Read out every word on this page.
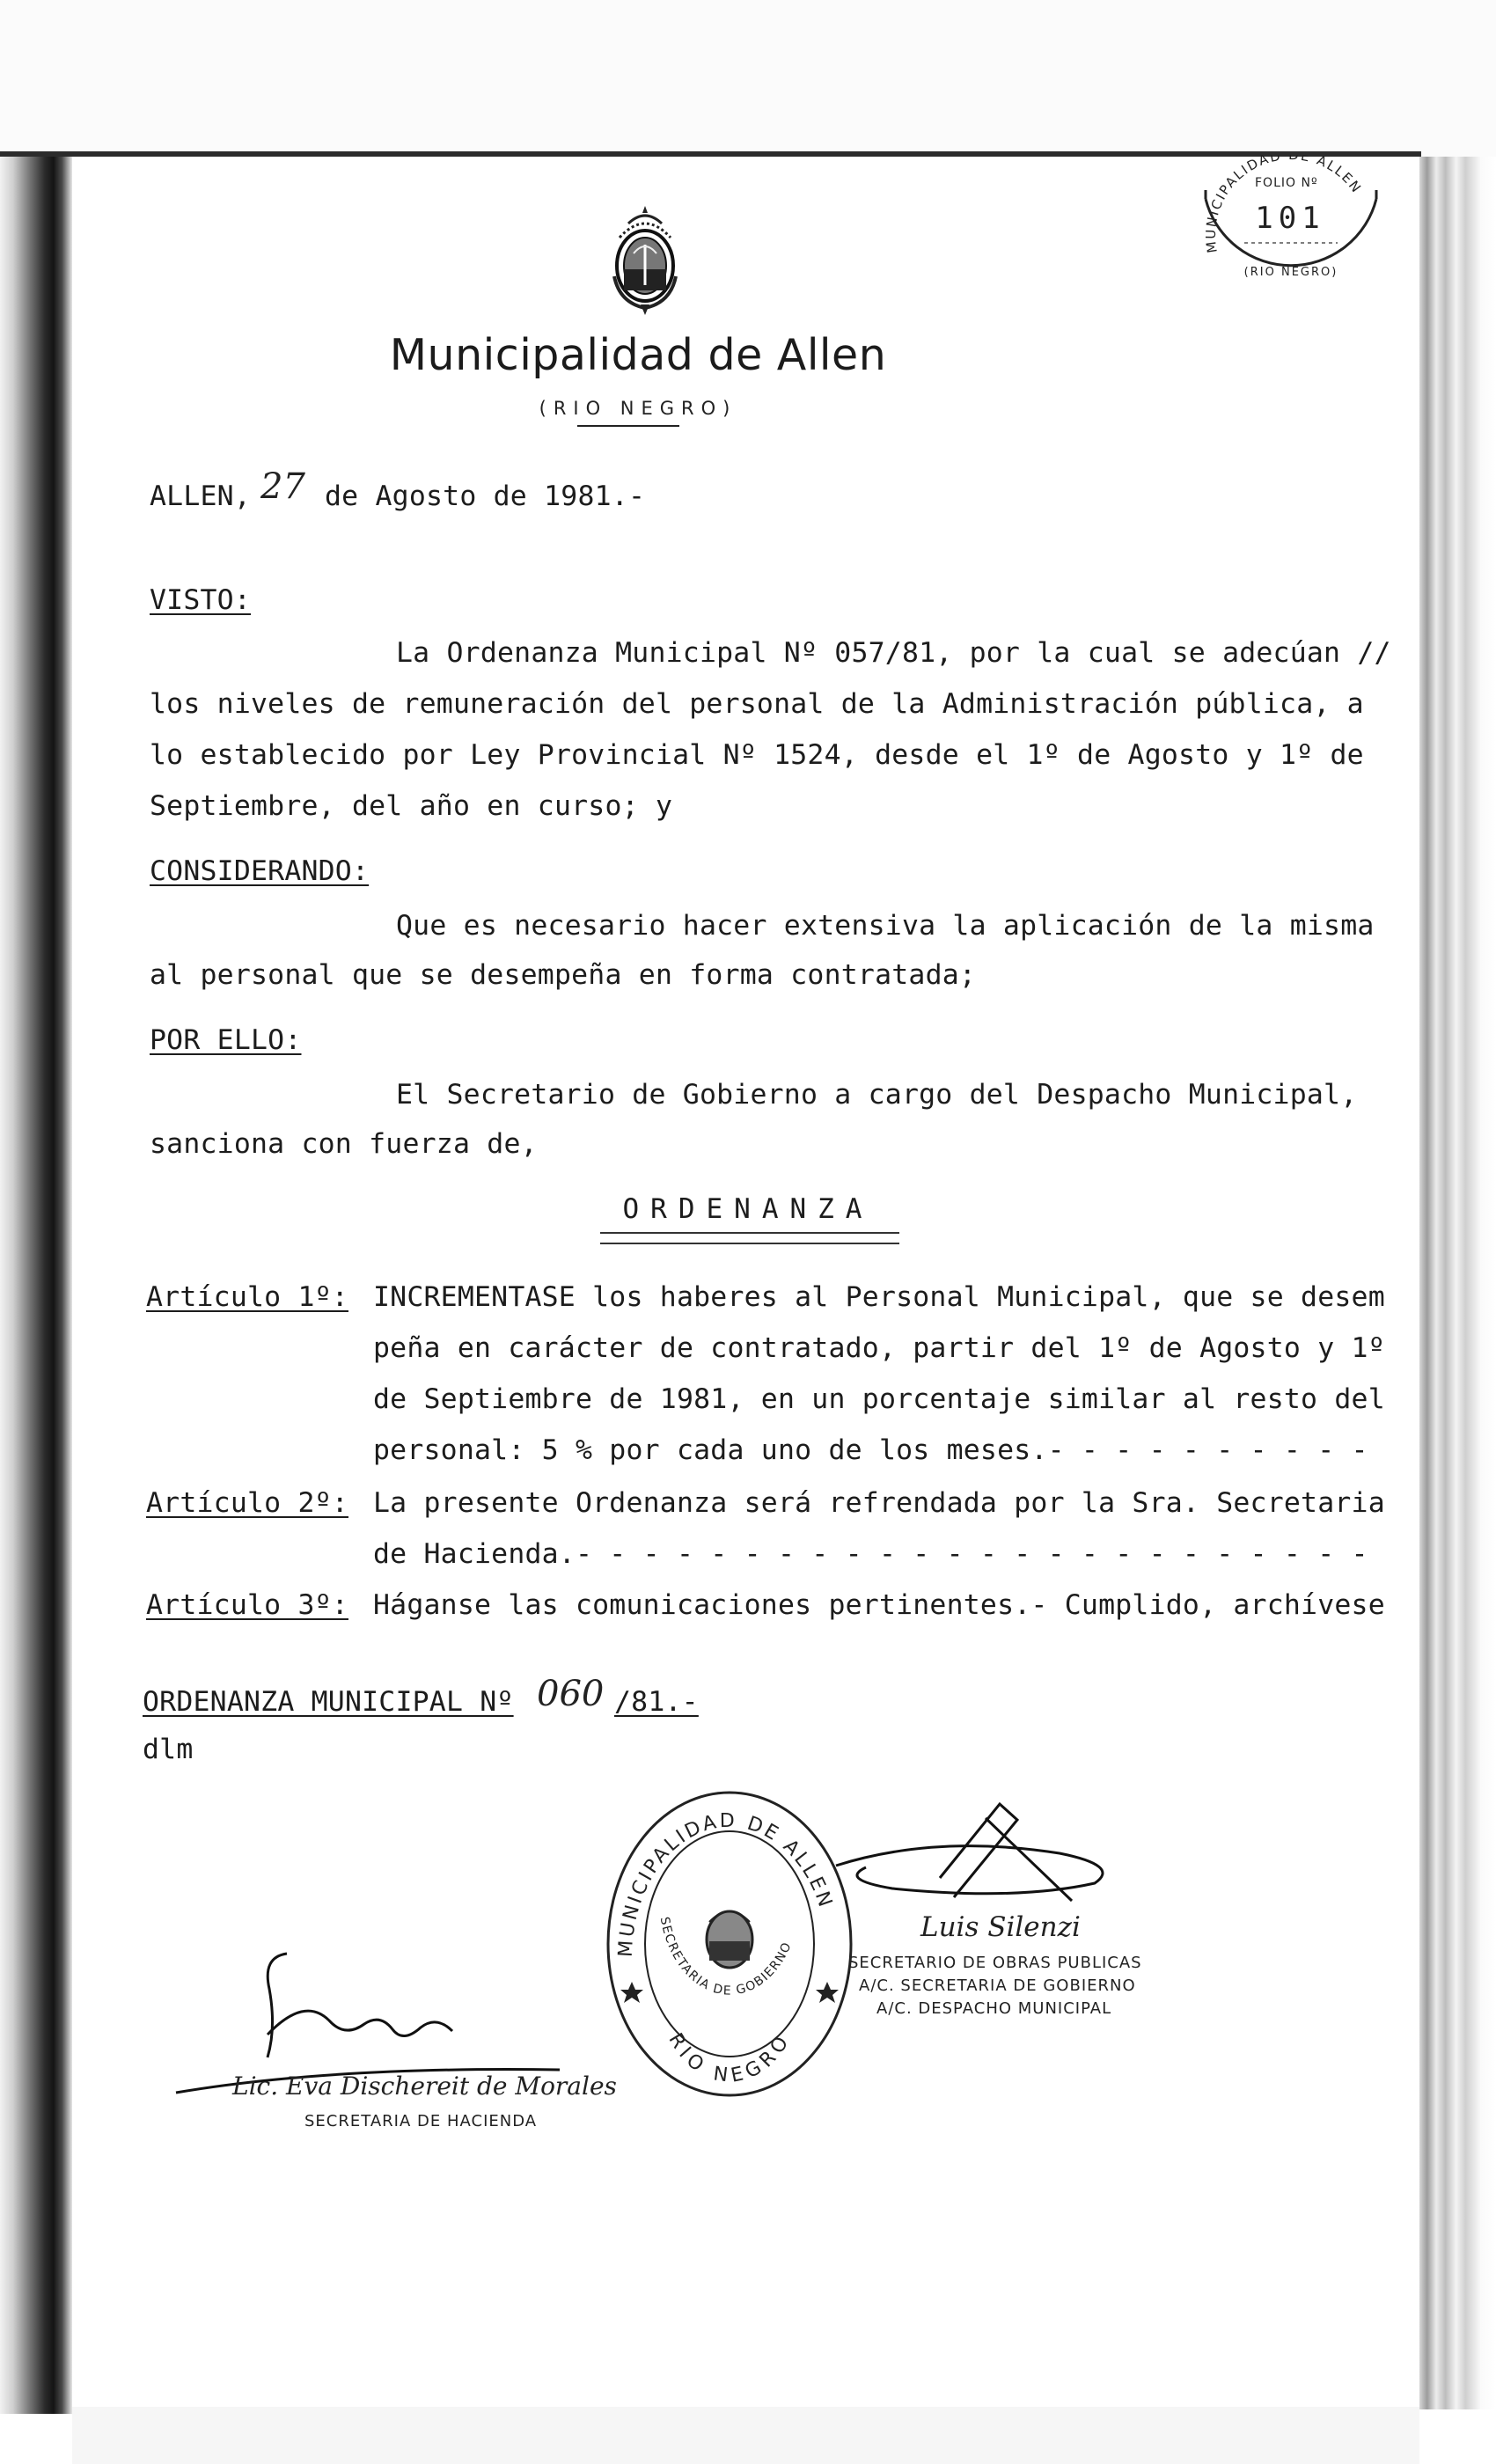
MUNICIPALIDAD DE ALLEN
FOLIO Nº
101
(RIO NEGRO)
Municipalidad de Allen
(RIO NEGRO)
ALLEN, 27 de Agosto de 1981.-
VISTO:
La Ordenanza Municipal Nº 057/81, por la cual se adecúan //
los niveles de remuneración del personal de la Administración pública, a
lo establecido por Ley Provincial Nº 1524, desde el 1º de Agosto y 1º de
Septiembre, del año en curso; y
CONSIDERANDO:
Que es necesario hacer extensiva la aplicación de la misma
al personal que se desempeña en forma contratada;
POR ELLO:
El Secretario de Gobierno a cargo del Despacho Municipal,
sanciona con fuerza de,
ORDENANZA
Artículo 1º: INCREMENTASE los haberes al Personal Municipal, que se desem
peña en carácter de contratado, partir del 1º de Agosto y 1º
de Septiembre de 1981, en un porcentaje similar al resto del
personal: 5 % por cada uno de los meses.- - - - - - - - - -
Artículo 2º: La presente Ordenanza será refrendada por la Sra. Secretaria
de Hacienda.- - - - - - - - - - - - - - - - - - - - - - - -
Artículo 3º: Háganse las comunicaciones pertinentes.- Cumplido, archívese
ORDENANZA MUNICIPAL Nº 060 /81.-
dlm
MUNICIPALIDAD DE ALLEN
RIO NEGRO
SECRETARIA DE GOBIERNO
Luis Silenzi
SECRETARIO DE OBRAS PUBLICAS
A/C. SECRETARIA DE GOBIERNO
A/C. DESPACHO MUNICIPAL
Lic. Eva Dischereit de Morales
SECRETARIA DE HACIENDA
